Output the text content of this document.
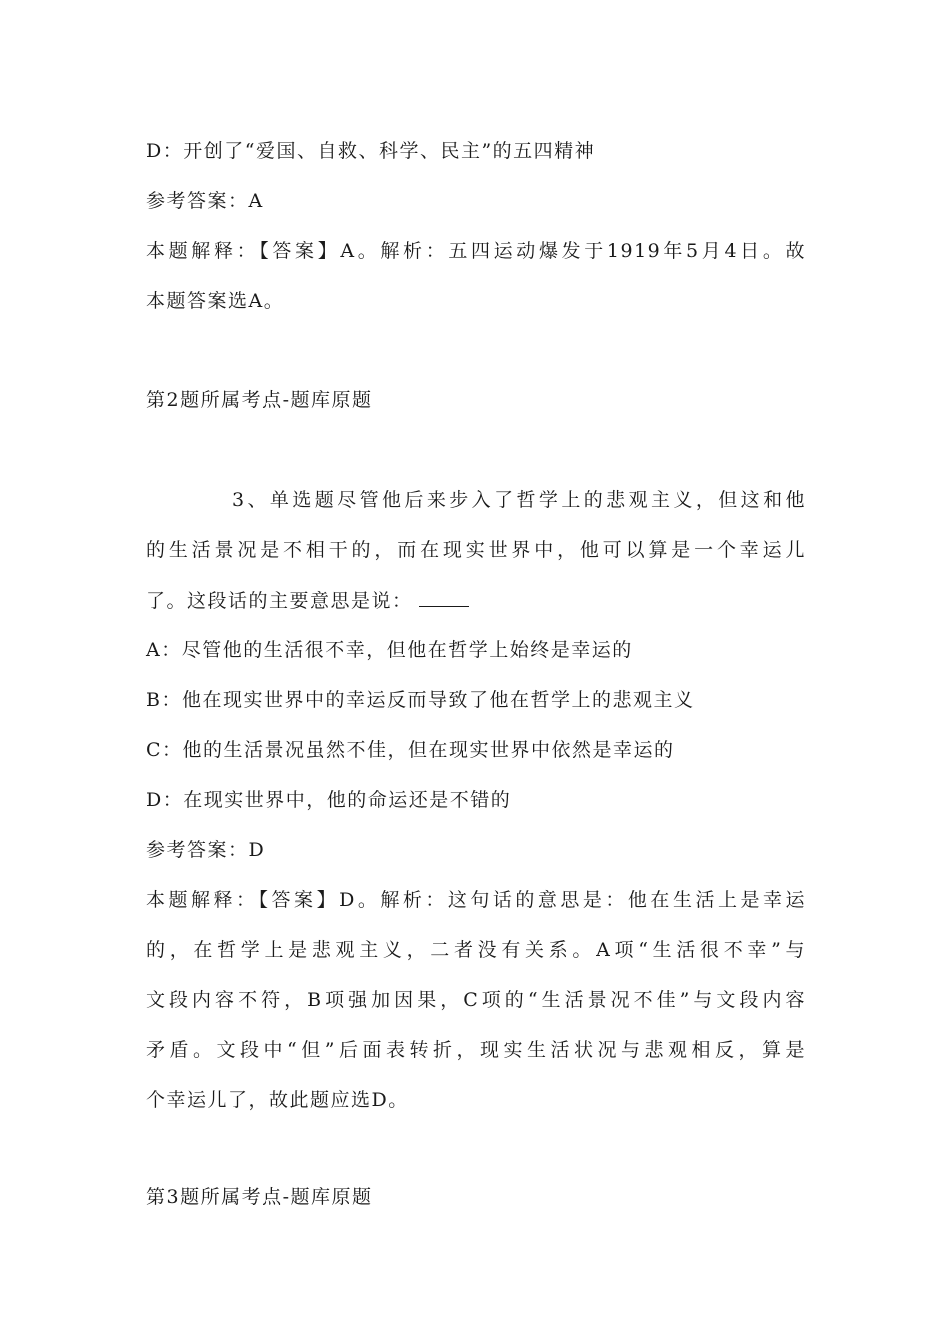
D：开创了“爱国、自救、科学、民主”的五四精神
参考答案：A
本题解释：【答案】A。解析：五四运动爆发于1919年5月4日。故
本题答案选A。
第2题所属考点-题库原题
3、单选题尽管他后来步入了哲学上的悲观主义，但这和他
的生活景况是不相干的，而在现实世界中，他可以算是一个幸运儿
了。这段话的主要意思是说：
A：尽管他的生活很不幸，但他在哲学上始终是幸运的
B：他在现实世界中的幸运反而导致了他在哲学上的悲观主义
C：他的生活景况虽然不佳，但在现实世界中依然是幸运的
D：在现实世界中，他的命运还是不错的
参考答案：D
本题解释：【答案】D。解析：这句话的意思是：他在生活上是幸运
的，在哲学上是悲观主义，二者没有关系。A项“生活很不幸”与
文段内容不符，B项强加因果，C项的“生活景况不佳”与文段内容
矛盾。文段中“但”后面表转折，现实生活状况与悲观相反，算是
个幸运儿了，故此题应选D。
第3题所属考点-题库原题
